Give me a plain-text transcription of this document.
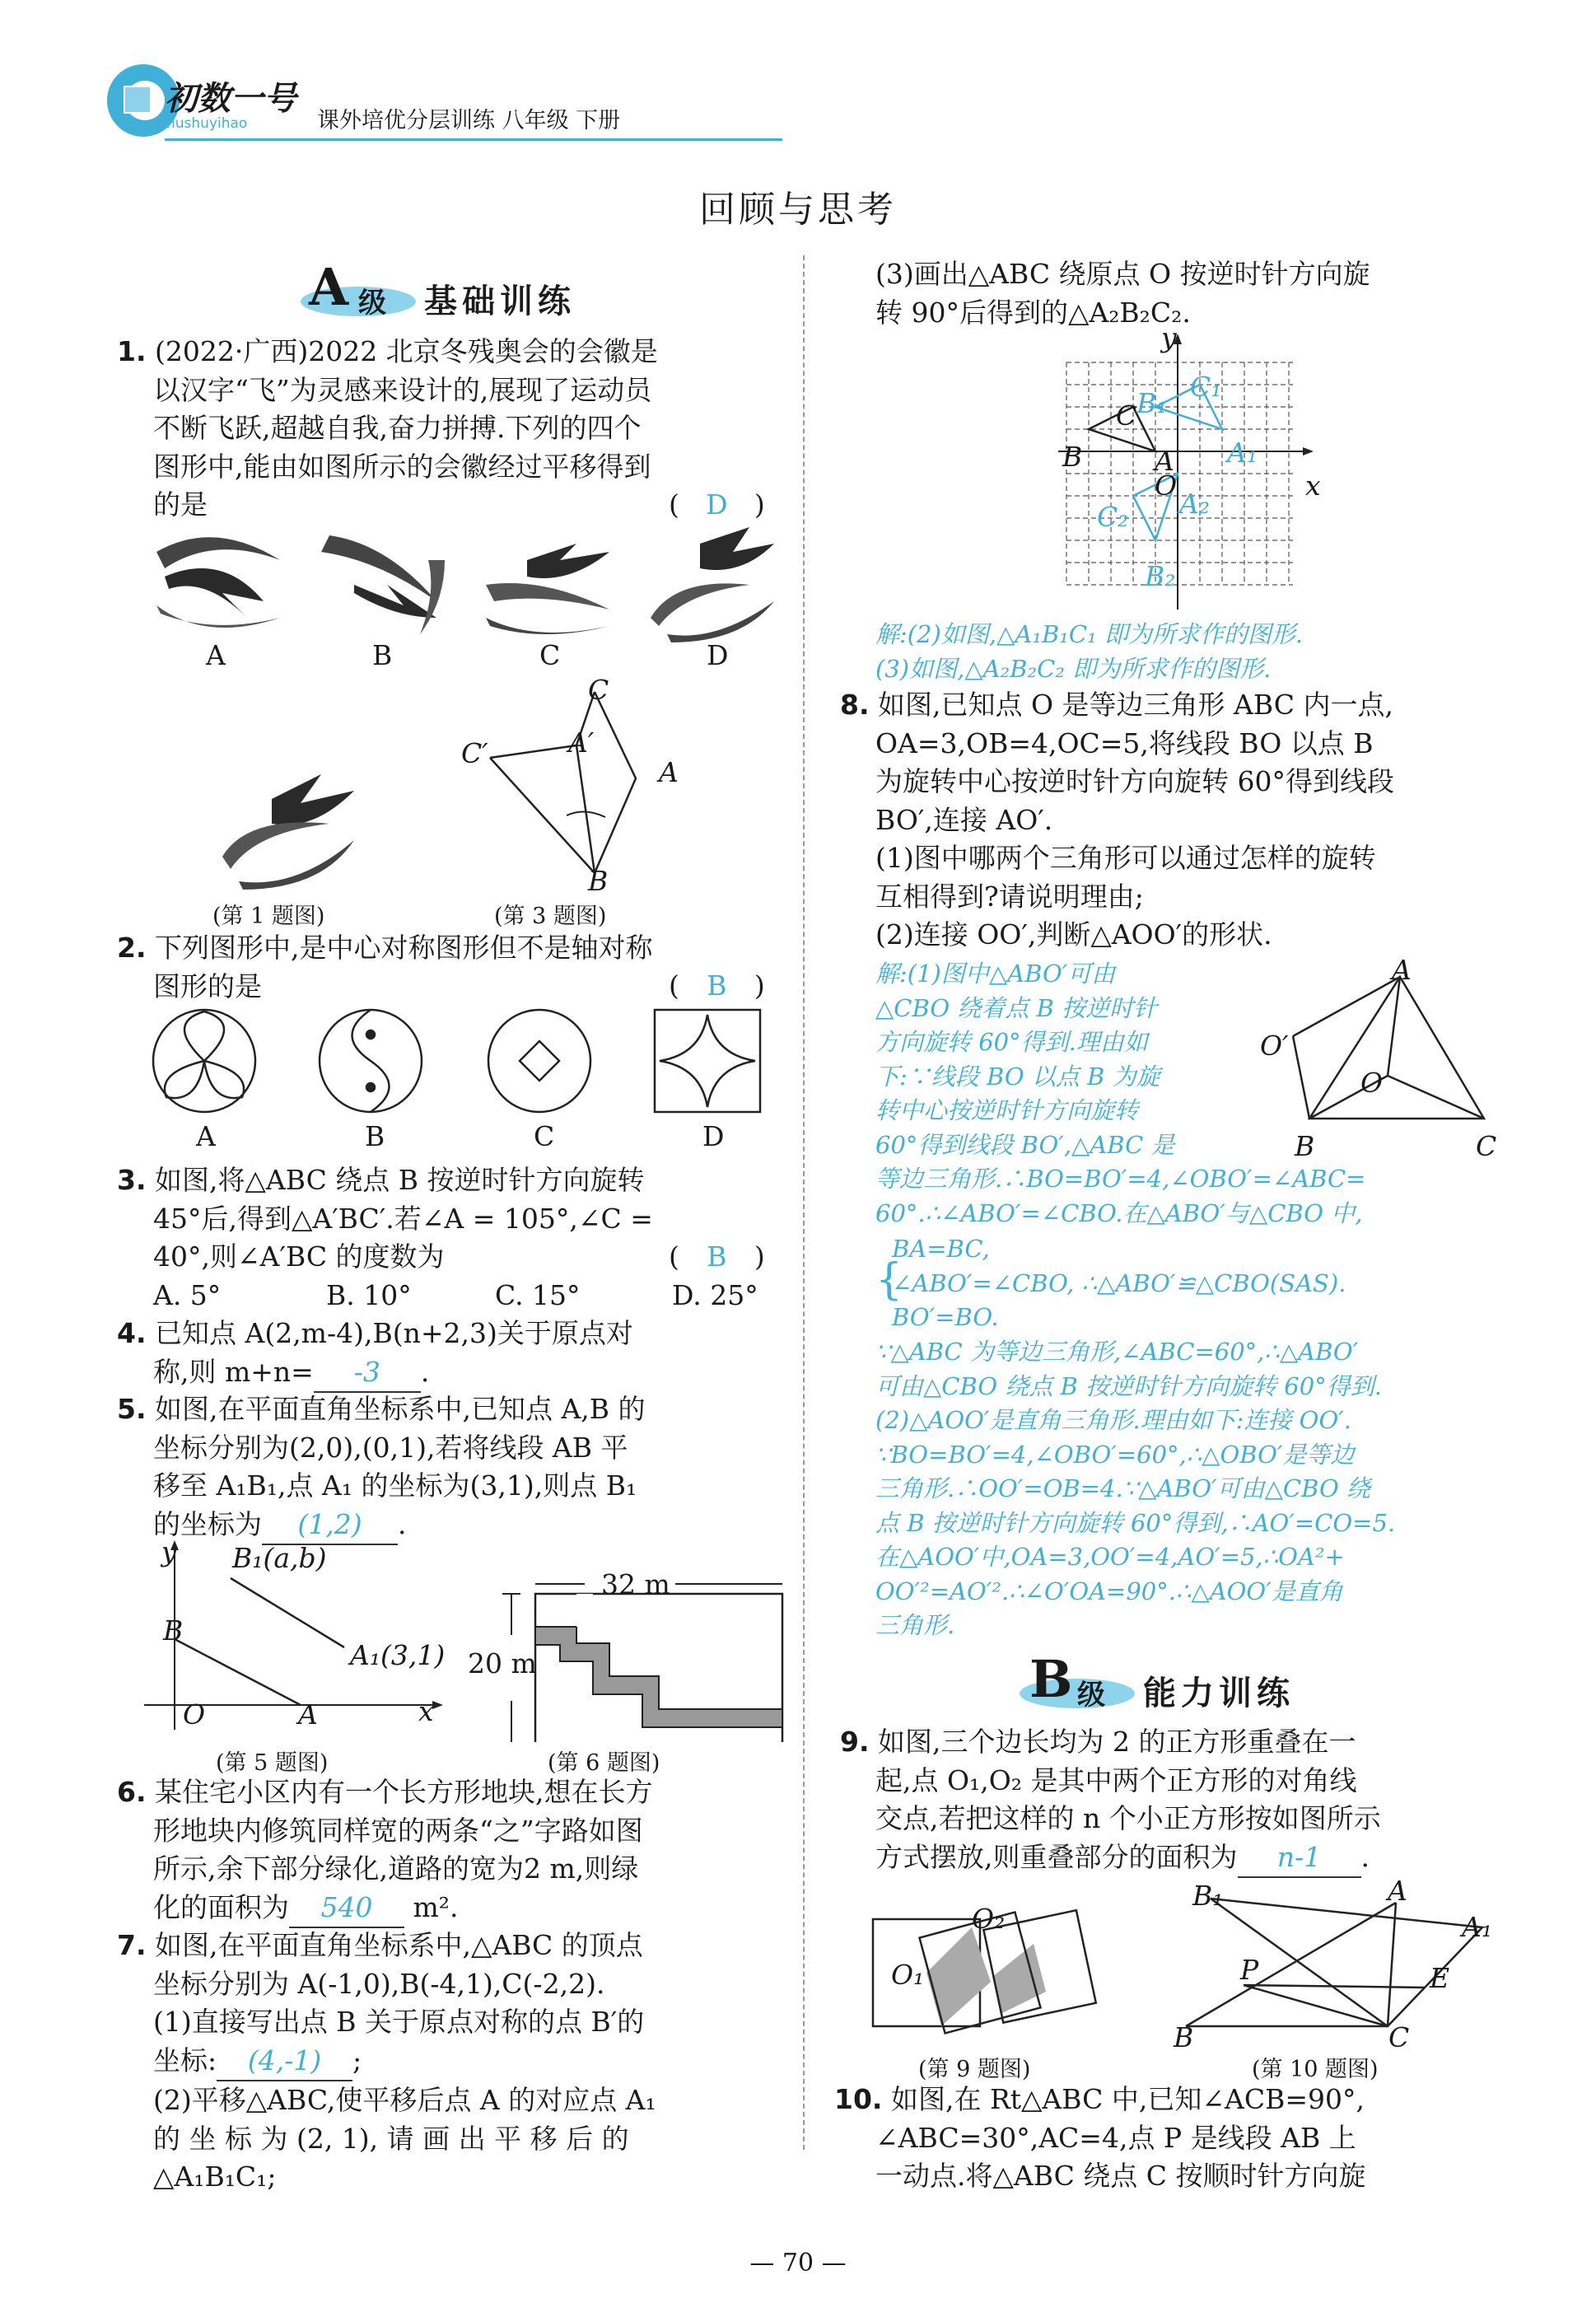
初数一号
hushuyihao	课外培优分层训练 八年级 下册
回顾与思考
A 级 基础训练
1. (2022·广西)2022 北京冬残奥会的会徽是
以汉字“飞”为灵感来设计的,展现了运动员
不断飞跃,超越自我,奋力拼搏.下列的四个
图形中,能由如图所示的会徽经过平移得到
的是	( D )
A	B	C	D
C
C′	A′
A
B
(第 1 题图)	(第 3 题图)
2. 下列图形中,是中心对称图形但不是轴对称
图形的是	( B )
A	B	C	D
3. 如图,将△ABC 绕点 B 按逆时针方向旋转
45°后,得到△A′BC′.若∠A = 105°,∠C =
40°,则∠A′BC 的度数为
A. 5°	B. 10°	C. 15°	D. 25°
( B )
4. 已知点 A(2,m-4),B(n+2,3)关于原点对
称,则 m+n= -3 .
5. 如图,在平面直角坐标系中,已知点 A,B 的
坐标分别为(2,0),(0,1),若将线段 AB 平
移至 A₁B₁,点 A₁ 的坐标为(3,1),则点 B₁
的坐标为 (1,2) .
y B₁(a,b)
B
A₁(3,1)
O	A	x
32 m
20 m
(第 5 题图)	(第 6 题图)
6. 某住宅小区内有一个长方形地块,想在长方
形地块内修筑同样宽的两条“之”字路如图
所示,余下部分绿化,道路的宽为2 m,则绿
化的面积为 540 m².
7. 如图,在平面直角坐标系中,△ABC 的顶点
坐标分别为 A(-1,0),B(-4,1),C(-2,2).
(1)直接写出点 B 关于原点对称的点 B′的
坐标: (4,-1) ;
(2)平移△ABC,使平移后点 A 的对应点 A₁
的 坐 标 为 (2, 1), 请 画 出 平 移 后 的
△A₁B₁C₁;
(3)画出△ABC 绕原点 O 按逆时针方向旋
转 90°后得到的△A₂B₂C₂.
y
x
O
B
C
A
B₁
C₁
A₁
C₂ A₂
B₂
解:(2)如图,△A₁B₁C₁ 即为所求作的图形.
(3)如图,△A₂B₂C₂ 即为所求作的图形.
8. 如图,已知点 O 是等边三角形 ABC 内一点,
OA=3,OB=4,OC=5,将线段 BO 以点 B
为旋转中心按逆时针方向旋转 60°得到线段
BO′,连接 AO′.
(1)图中哪两个三角形可以通过怎样的旋转
互相得到?请说明理由;
(2)连接 OO′,判断△AOO′的形状.
A
O′
O
B	C
解:(1)图中△ABO′可由
△CBO 绕着点 B 按逆时针
方向旋转 60°得到.理由如
下:∵线段 BO 以点 B 为旋
转中心按逆时针方向旋转
60°得到线段 BO′,△ABC 是
等边三角形.∴BO=BO′=4,∠OBO′=∠ABC=
60°.∴∠ABO′=∠CBO.在△ABO′与△CBO 中,
{
BA=BC,
∠ABO′=∠CBO, ∴△ABO′≌△CBO(SAS).
BO′=BO.
∵△ABC 为等边三角形,∠ABC=60°,∴△ABO′
可由△CBO 绕点 B 按逆时针方向旋转 60°得到.
(2)△AOO′是直角三角形.理由如下:连接 OO′.
∵BO=BO′=4,∠OBO′=60°,∴△OBO′是等边
三角形.∴OO′=OB=4.∵△ABO′可由△CBO 绕
点 B 按逆时针方向旋转 60°得到,∴AO′=CO=5.
在△AOO′中,OA=3,OO′=4,AO′=5,∴OA²+
OO′²=AO′².∴∠O′OA=90°.∴△AOO′是直角
三角形.
B 级 能力训练
9. 如图,三个边长均为 2 的正方形重叠在一
起,点 O₁,O₂ 是其中两个正方形的对角线
交点,若把这样的 n 个小正方形按如图所示
方式摆放,则重叠部分的面积为 n-1 .
O₁
O₂
B₁	A
A₁
P	E
B	C
(第 9 题图)	(第 10 题图)
10. 如图,在 Rt△ABC 中,已知∠ACB=90°,
∠ABC=30°,AC=4,点 P 是线段 AB 上
一动点.将△ABC 绕点 C 按顺时针方向旋
— 70 —
